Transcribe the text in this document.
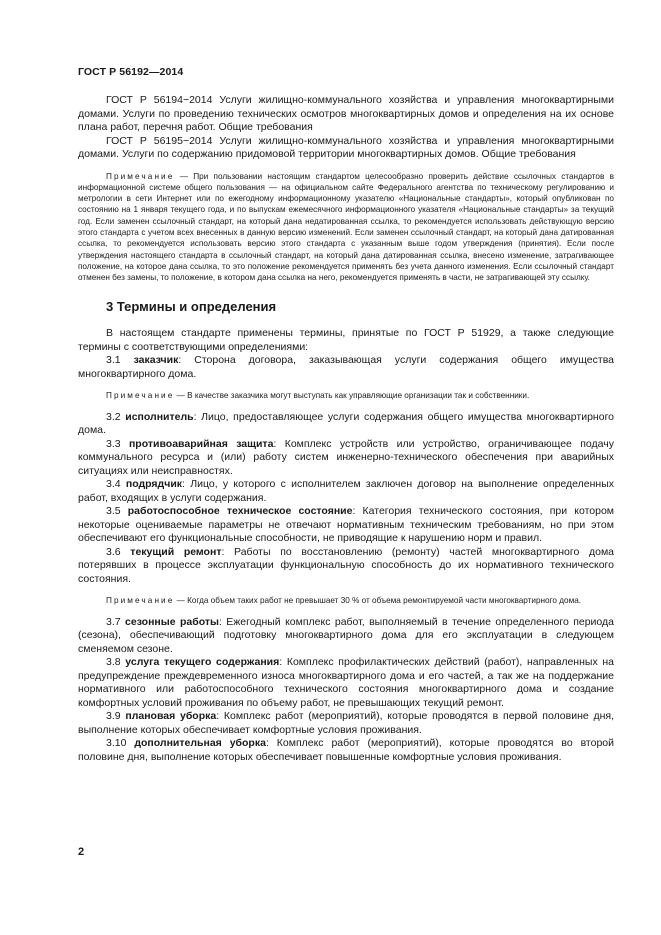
ГОСТ Р 56192—2014

ГОСТ Р 56194−2014 Услуги жилищно-коммунального хозяйства и управления многоквартирными домами. Услуги по проведению технических осмотров многоквартирных домов и определения на их основе плана работ, перечня работ. Общие требования

ГОСТ Р 56195−2014 Услуги жилищно-коммунального хозяйства и управления многоквартирными домами. Услуги по содержанию придомовой территории многоквартирных домов. Общие требования

Примечание — При пользовании настоящим стандартом целесообразно проверить действие ссылочных стандартов в информационной системе общего пользования — на официальном сайте Федерального агентства по техническому регулированию и метрологии в сети Интернет или по ежегодному информационному указателю «Национальные стандарты», который опубликован по состоянию на 1 января текущего года, и по выпускам ежемесячного информационного указателя «Национальные стандарты» за текущий год. Если заменен ссылочный стандарт, на который дана недатированная ссылка, то рекомендуется использовать действующую версию этого стандарта с учетом всех внесенных в данную версию изменений. Если заменен ссылочный стандарт, на который дана датированная ссылка, то рекомендуется использовать версию этого стандарта с указанным выше годом утверждения (принятия). Если после утверждения настоящего стандарта в ссылочный стандарт, на который дана датированная ссылка, внесено изменение, затрагивающее положение, на которое дана ссылка, то это положение рекомендуется применять без учета данного изменения. Если ссылочный стандарт отменен без замены, то положение, в котором дана ссылка на него, рекомендуется применять в части, не затрагивающей эту ссылку.

3 Термины и определения

В настоящем стандарте применены термины, принятые по ГОСТ Р 51929, а также следующие термины с соответствующими определениями:

3.1 заказчик: Сторона договора, заказывающая услуги содержания общего имущества многоквартирного дома.

Примечание — В качестве заказчика могут выступать как управляющие организации так и собственники.

3.2 исполнитель: Лицо, предоставляющее услуги содержания общего имущества многоквартирного дома.

3.3 противоаварийная защита: Комплекс устройств или устройство, ограничивающее подачу коммунального ресурса и (или) работу систем инженерно-технического обеспечения при аварийных ситуациях или неисправностях.

3.4 подрядчик: Лицо, у которого с исполнителем заключен договор на выполнение определенных работ, входящих в услуги содержания.

3.5 работоспособное техническое состояние: Категория технического состояния, при котором некоторые оцениваемые параметры не отвечают нормативным техническим требованиям, но при этом обеспечивают его функциональные способности, не приводящие к нарушению норм и правил.

3.6 текущий ремонт: Работы по восстановлению (ремонту) частей многоквартирного дома потерявших в процессе эксплуатации функциональную способность до их нормативного технического состояния.

Примечание — Когда объем таких работ не превышает 30 % от объема ремонтируемой части многоквартирного дома.

3.7 сезонные работы: Ежегодный комплекс работ, выполняемый в течение определенного периода (сезона), обеспечивающий подготовку многоквартирного дома для его эксплуатации в следующем сменяемом сезоне.

3.8 услуга текущего содержания: Комплекс профилактических действий (работ), направленных на предупреждение преждевременного износа многоквартирного дома и его частей, а так же на поддержание нормативного или работоспособного технического состояния многоквартирного дома и создание комфортных условий проживания по объему работ, не превышающих текущий ремонт.

3.9 плановая уборка: Комплекс работ (мероприятий), которые проводятся в первой половине дня, выполнение которых обеспечивает комфортные условия проживания.

3.10 дополнительная уборка: Комплекс работ (мероприятий), которые проводятся во второй половине дня, выполнение которых обеспечивает повышенные комфортные условия проживания.

2
